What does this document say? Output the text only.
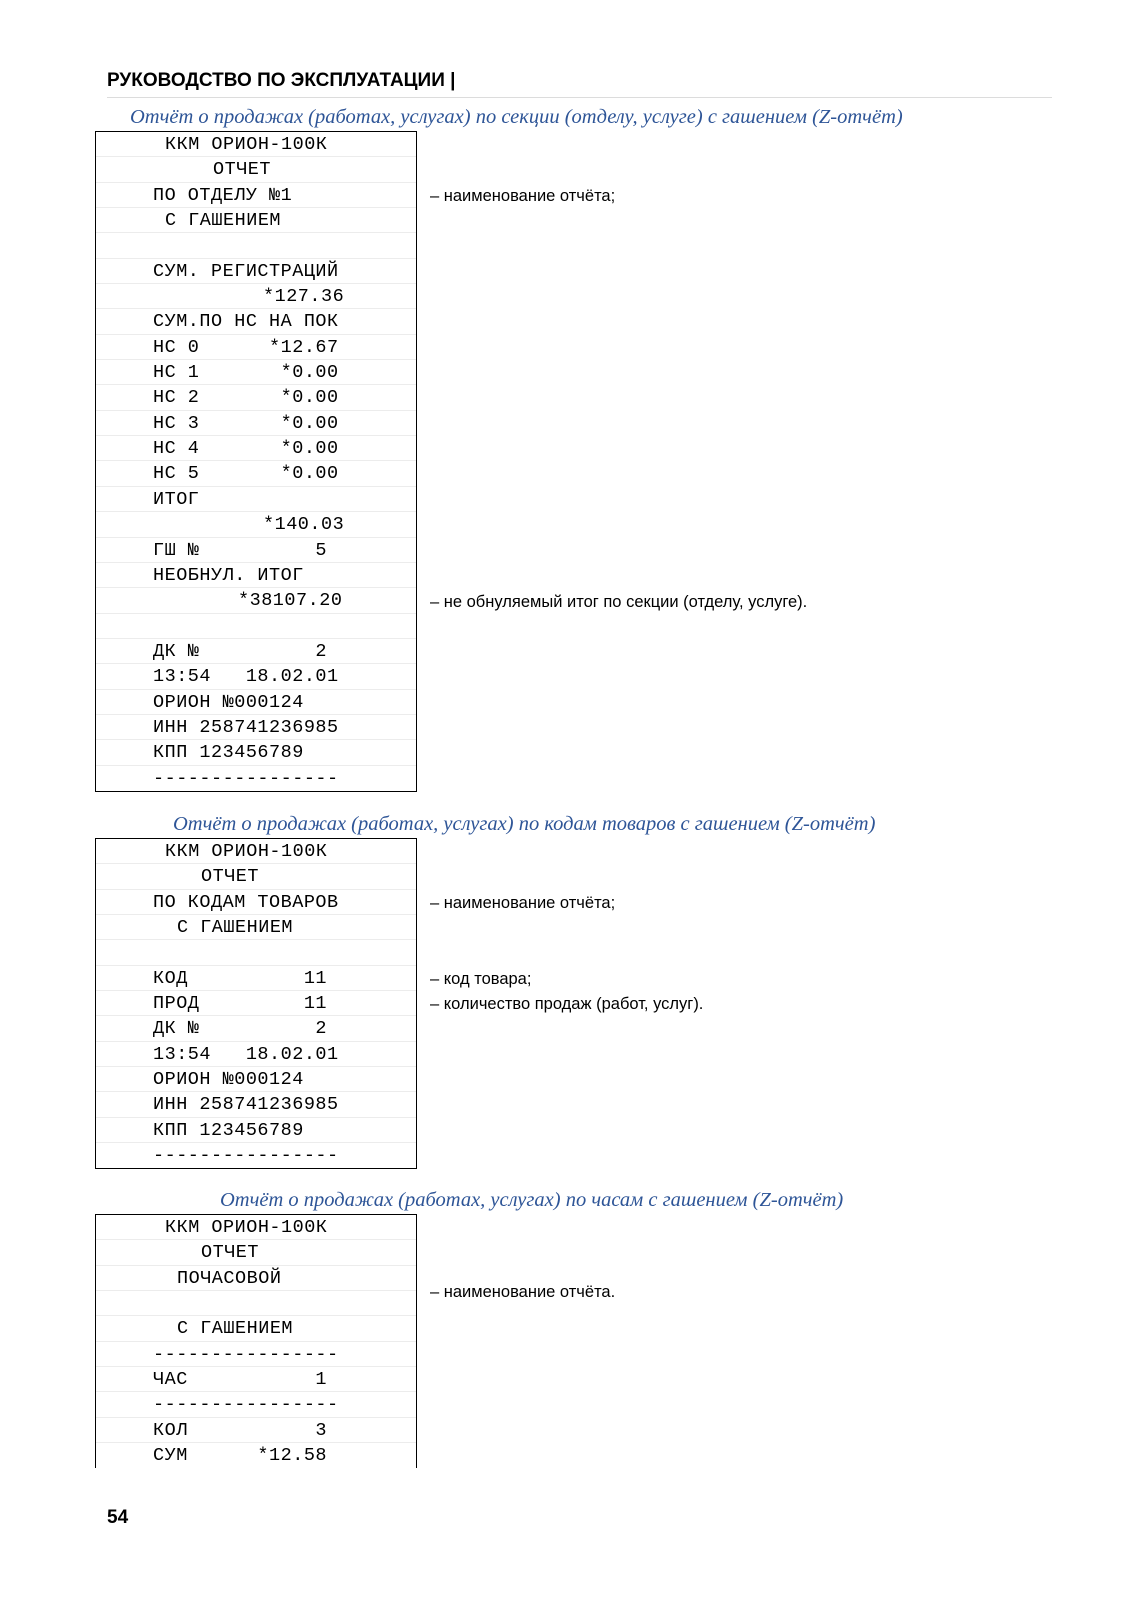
РУКОВОДСТВО ПО ЭКСПЛУАТАЦИИ |
Отчёт о продажах (работах, услугах) по секции (отделу, услуге) с гашением (Z-отчёт)
ККМ ОРИОН-100К
ОТЧЕТ
ПО ОТДЕЛУ №1
С ГАШЕНИЕМ
СУМ. РЕГИСТРАЦИЙ
*127.36
СУМ.ПО НС НА ПОК
НС 0      *12.67
НС 1       *0.00
НС 2       *0.00
НС 3       *0.00
НС 4       *0.00
НС 5       *0.00
ИТОГ
*140.03
ГШ №          5
НЕОБНУЛ. ИТОГ
*38107.20
ДК №          2
13:54   18.02.01
ОРИОН №000124
ИНН 258741236985
КПП 123456789
----------------
– наименование отчёта;
– не обнуляемый итог по секции (отделу, услуге).
Отчёт о продажах (работах, услугах) по кодам товаров с гашением (Z-отчёт)
ККМ ОРИОН-100К
ОТЧЕТ
ПО КОДАМ ТОВАРОВ
С ГАШЕНИЕМ
КОД          11
ПРОД         11
ДК №          2
13:54   18.02.01
ОРИОН №000124
ИНН 258741236985
КПП 123456789
----------------
– наименование отчёта;
– код товара;
– количество продаж (работ, услуг).
Отчёт о продажах (работах, услугах) по часам с гашением (Z-отчёт)
ККМ ОРИОН-100К
ОТЧЕТ
ПОЧАСОВОЙ
С ГАШЕНИЕМ
----------------
ЧАС           1
----------------
КОЛ           3
СУМ      *12.58
– наименование отчёта.
54
